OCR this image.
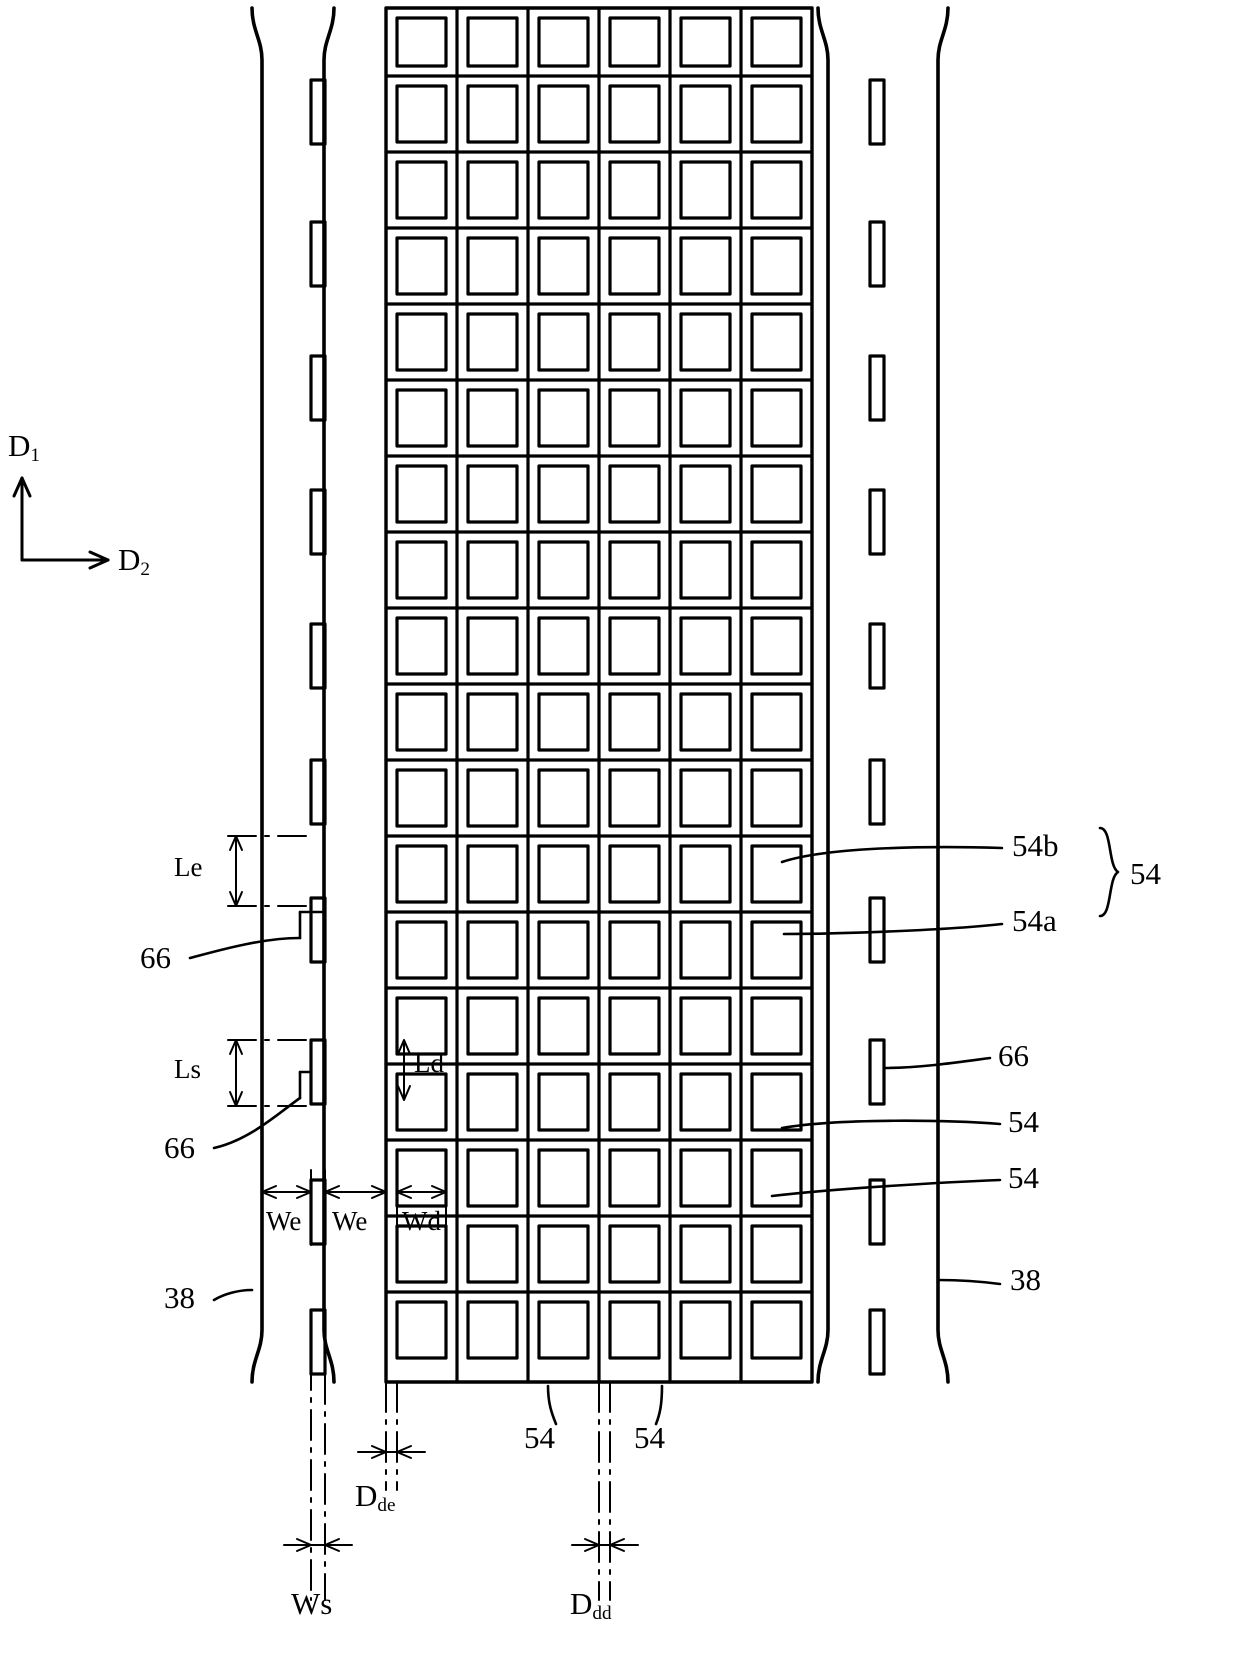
$D_1$
$D_2$
Le
Ls	Ld
We We Wd
Ws
$D_{de}$
$D_{dd}$
54b
54a
54
66
66
66
54
54
38
38
54	54
